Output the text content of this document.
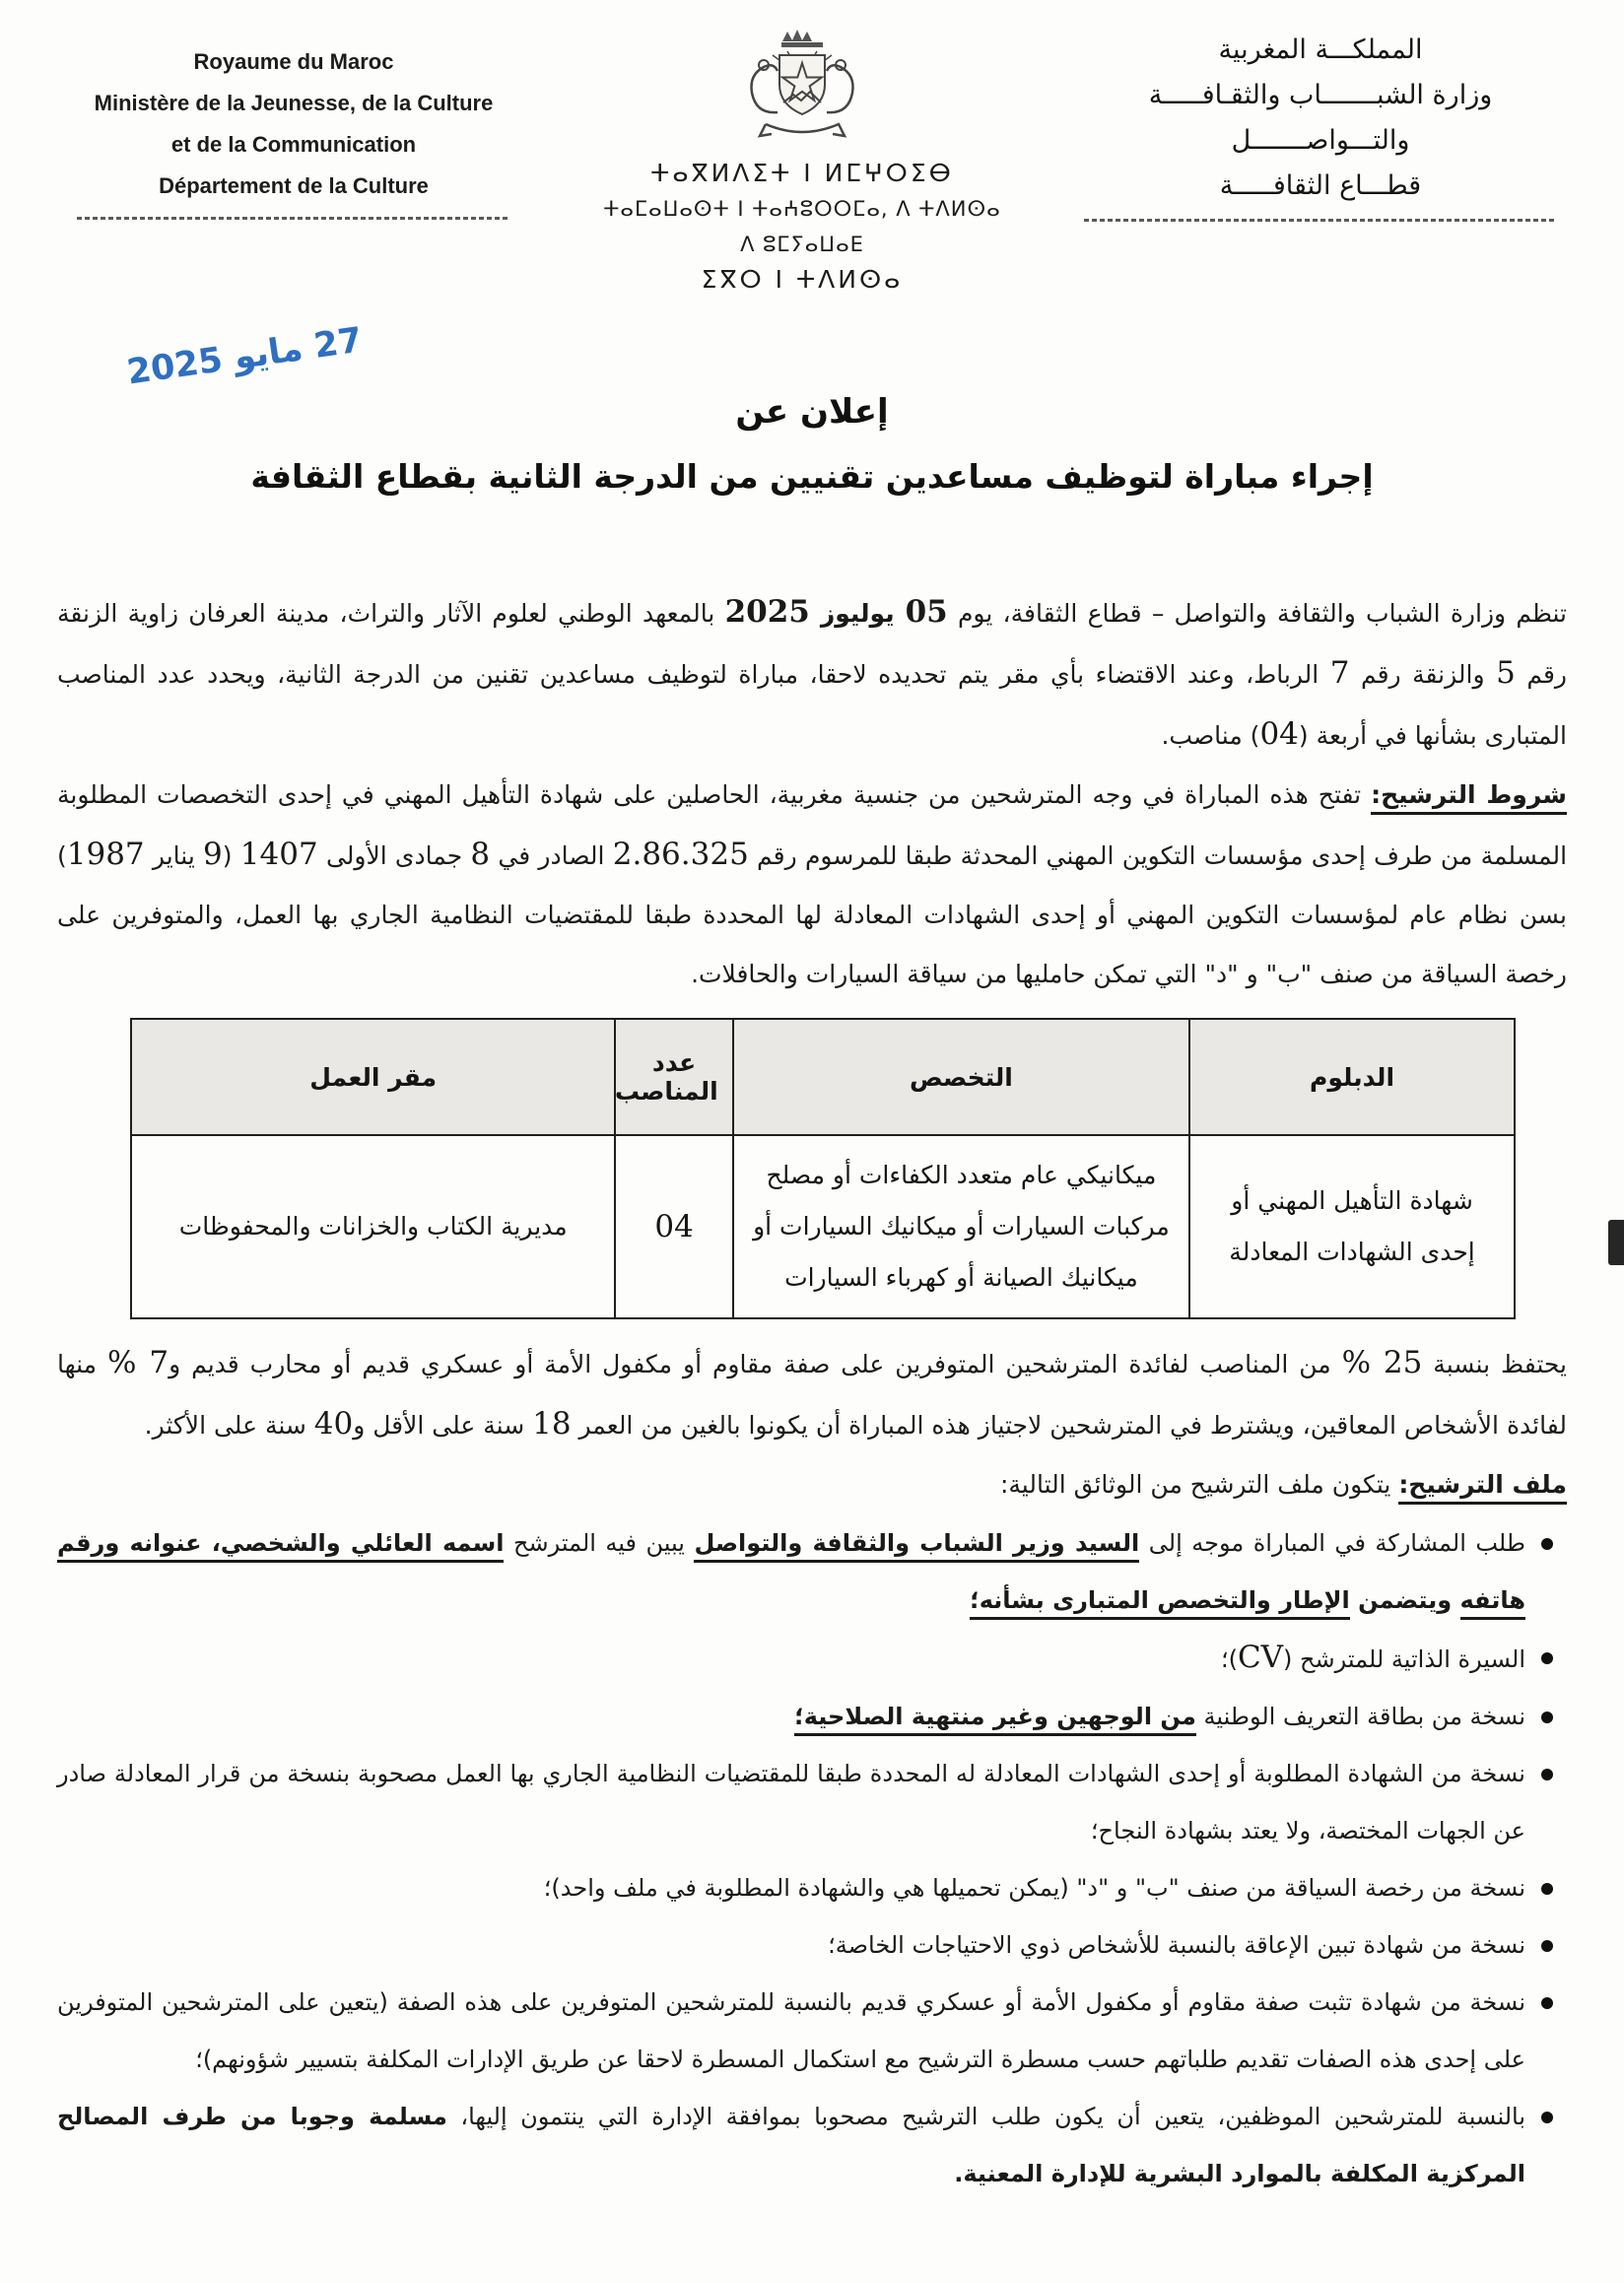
Royaume du Maroc
Ministère de la Jeunesse, de la Culture
et de la Communication
Département de la Culture	ⵜⴰⴳⵍⴷⵉⵜ ⵏ ⵍⵎⵖⵔⵉⴱ
ⵜⴰⵎⴰⵡⴰⵙⵜ ⵏ ⵜⴰⵄⵓⵔⵔⵎⴰ, ⴷ ⵜⴷⵍⵙⴰ ⴷ ⵓⵎⵢⴰⵡⴰⴹ
ⵉⴳⵔ ⵏ ⵜⴷⵍⵙⴰ
المملكـــة المغربية
وزارة الشبـــــــاب والثقـافـــــة
والتـــواصـــــــل
قطـــاع الثقافـــــة
27 مايو 2025
إعلان عن
إجراء مباراة لتوظيف مساعدين تقنيين من الدرجة الثانية بقطاع الثقافة

تنظم وزارة الشباب والثقافة والتواصل – قطاع الثقافة، يوم 05 يوليوز 2025 بالمعهد الوطني لعلوم الآثار والتراث، مدينة العرفان زاوية الزنقة رقم 5 والزنقة رقم 7 الرباط، وعند الاقتضاء بأي مقر يتم تحديده لاحقا، مباراة لتوظيف مساعدين تقنين من الدرجة الثانية، ويحدد عدد المناصب المتبارى بشأنها في أربعة (04) مناصب.

شروط الترشيح: تفتح هذه المباراة في وجه المترشحين من جنسية مغربية، الحاصلين على شهادة التأهيل المهني في إحدى التخصصات المطلوبة المسلمة من طرف إحدى مؤسسات التكوين المهني المحدثة طبقا للمرسوم رقم 2.86.325 الصادر في 8 جمادى الأولى 1407 (9 يناير 1987) بسن نظام عام لمؤسسات التكوين المهني أو إحدى الشهادات المعادلة لها المحددة طبقا للمقتضيات النظامية الجاري بها العمل، والمتوفرين على رخصة السياقة من صنف "ب" و "د" التي تمكن حامليها من سياقة السيارات والحافلات.

الدبلوم	التخصص	عدد المناصب	مقر العمل
شهادة التأهيل المهني أو إحدى الشهادات المعادلة	ميكانيكي عام متعدد الكفاءات أو مصلح مركبات السيارات أو ميكانيك السيارات أو ميكانيك الصيانة أو كهرباء السيارات	04	مديرية الكتاب والخزانات والمحفوظات

يحتفظ بنسبة 25 % من المناصب لفائدة المترشحين المتوفرين على صفة مقاوم أو مكفول الأمة أو عسكري قديم أو محارب قديم و7 % منها لفائدة الأشخاص المعاقين، ويشترط في المترشحين لاجتياز هذه المباراة أن يكونوا بالغين من العمر 18 سنة على الأقل و40 سنة على الأكثر.

ملف الترشيح: يتكون ملف الترشيح من الوثائق التالية:

طلب المشاركة في المباراة موجه إلى السيد وزير الشباب والثقافة والتواصل يبين فيه المترشح اسمه العائلي والشخصي، عنوانه ورقم هاتفه ويتضمن الإطار والتخصص المتبارى بشأنه؛
السيرة الذاتية للمترشح (CV)؛
نسخة من بطاقة التعريف الوطنية من الوجهين وغير منتهية الصلاحية؛
نسخة من الشهادة المطلوبة أو إحدى الشهادات المعادلة له المحددة طبقا للمقتضيات النظامية الجاري بها العمل مصحوبة بنسخة من قرار المعادلة صادر عن الجهات المختصة، ولا يعتد بشهادة النجاح؛
نسخة من رخصة السياقة من صنف "ب" و "د" (يمكن تحميلها هي والشهادة المطلوبة في ملف واحد)؛
نسخة من شهادة تبين الإعاقة بالنسبة للأشخاص ذوي الاحتياجات الخاصة؛
نسخة من شهادة تثبت صفة مقاوم أو مكفول الأمة أو عسكري قديم بالنسبة للمترشحين المتوفرين على هذه الصفة (يتعين على المترشحين المتوفرين على إحدى هذه الصفات تقديم طلباتهم حسب مسطرة الترشيح مع استكمال المسطرة لاحقا عن طريق الإدارات المكلفة بتسيير شؤونهم)؛
بالنسبة للمترشحين الموظفين، يتعين أن يكون طلب الترشيح مصحوبا بموافقة الإدارة التي ينتمون إليها، مسلمة وجوبا من طرف المصالح المركزية المكلفة بالموارد البشرية للإدارة المعنية.
